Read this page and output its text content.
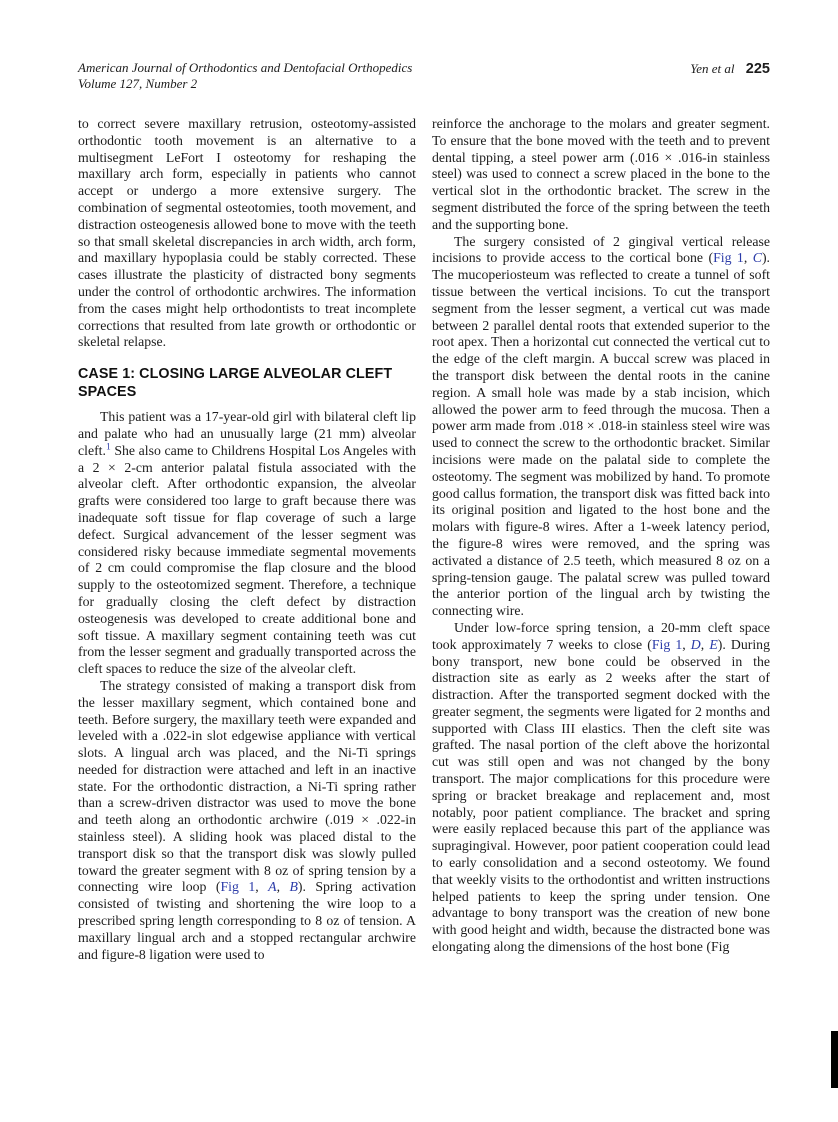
American Journal of Orthodontics and Dentofacial Orthopedics
Volume 127, Number 2
Yen et al 225

to correct severe maxillary retrusion, osteotomy-assisted orthodontic tooth movement is an alternative to a multisegment LeFort I osteotomy for reshaping the maxillary arch form, especially in patients who cannot accept or undergo a more extensive surgery. The combination of segmental osteotomies, tooth movement, and distraction osteogenesis allowed bone to move with the teeth so that small skeletal discrepancies in arch width, arch form, and maxillary hypoplasia could be stably corrected. These cases illustrate the plasticity of distracted bony segments under the control of orthodontic archwires. The information from the cases might help orthodontists to treat incomplete corrections that resulted from late growth or orthodontic or skeletal relapse.

CASE 1: CLOSING LARGE ALVEOLAR CLEFT SPACES

This patient was a 17-year-old girl with bilateral cleft lip and palate who had an unusually large (21 mm) alveolar cleft.$^1$ She also came to Childrens Hospital Los Angeles with a 2 × 2-cm anterior palatal fistula associated with the alveolar cleft. After orthodontic expansion, the alveolar grafts were considered too large to graft because there was inadequate soft tissue for flap coverage of such a large defect. Surgical advancement of the lesser segment was considered risky because immediate segmental movements of 2 cm could compromise the flap closure and the blood supply to the osteotomized segment. Therefore, a technique for gradually closing the cleft defect by distraction osteogenesis was developed to create additional bone and soft tissue. A maxillary segment containing teeth was cut from the lesser segment and gradually transported across the cleft spaces to reduce the size of the alveolar cleft.

The strategy consisted of making a transport disk from the lesser maxillary segment, which contained bone and teeth. Before surgery, the maxillary teeth were expanded and leveled with a .022-in slot edgewise appliance with vertical slots. A lingual arch was placed, and the Ni-Ti springs needed for distraction were attached and left in an inactive state. For the orthodontic distraction, a Ni-Ti spring rather than a screw-driven distractor was used to move the bone and teeth along an orthodontic archwire (.019 × .022-in stainless steel). A sliding hook was placed distal to the transport disk so that the transport disk was slowly pulled toward the greater segment with 8 oz of spring tension by a connecting wire loop (Fig 1, A, B). Spring activation consisted of twisting and shortening the wire loop to a prescribed spring length corresponding to 8 oz of tension. A maxillary lingual arch and a stopped rectangular archwire and figure-8 ligation were used to

reinforce the anchorage to the molars and greater segment. To ensure that the bone moved with the teeth and to prevent dental tipping, a steel power arm (.016 × .016-in stainless steel) was used to connect a screw placed in the bone to the vertical slot in the orthodontic bracket. The screw in the segment distributed the force of the spring between the teeth and the supporting bone.

The surgery consisted of 2 gingival vertical release incisions to provide access to the cortical bone (Fig 1, C). The mucoperiosteum was reflected to create a tunnel of soft tissue between the vertical incisions. To cut the transport segment from the lesser segment, a vertical cut was made between 2 parallel dental roots that extended superior to the root apex. Then a horizontal cut connected the vertical cut to the edge of the cleft margin. A buccal screw was placed in the transport disk between the dental roots in the canine region. A small hole was made by a stab incision, which allowed the power arm to feed through the mucosa. Then a power arm made from .018 × .018-in stainless steel wire was used to connect the screw to the orthodontic bracket. Similar incisions were made on the palatal side to complete the osteotomy. The segment was mobilized by hand. To promote good callus formation, the transport disk was fitted back into its original position and ligated to the host bone and the molars with figure-8 wires. After a 1-week latency period, the figure-8 wires were removed, and the spring was activated a distance of 2.5 teeth, which measured 8 oz on a spring-tension gauge. The palatal screw was pulled toward the anterior portion of the lingual arch by twisting the connecting wire.

Under low-force spring tension, a 20-mm cleft space took approximately 7 weeks to close (Fig 1, D, E). During bony transport, new bone could be observed in the distraction site as early as 2 weeks after the start of distraction. After the transported segment docked with the greater segment, the segments were ligated for 2 months and supported with Class III elastics. Then the cleft site was grafted. The nasal portion of the cleft above the horizontal cut was still open and was not changed by the bony transport. The major complications for this procedure were spring or bracket breakage and replacement and, most notably, poor patient compliance. The bracket and spring were easily replaced because this part of the appliance was supragingival. However, poor patient cooperation could lead to early consolidation and a second osteotomy. We found that weekly visits to the orthodontist and written instructions helped patients to keep the spring under tension. One advantage to bony transport was the creation of new bone with good height and width, because the distracted bone was elongating along the dimensions of the host bone (Fig
